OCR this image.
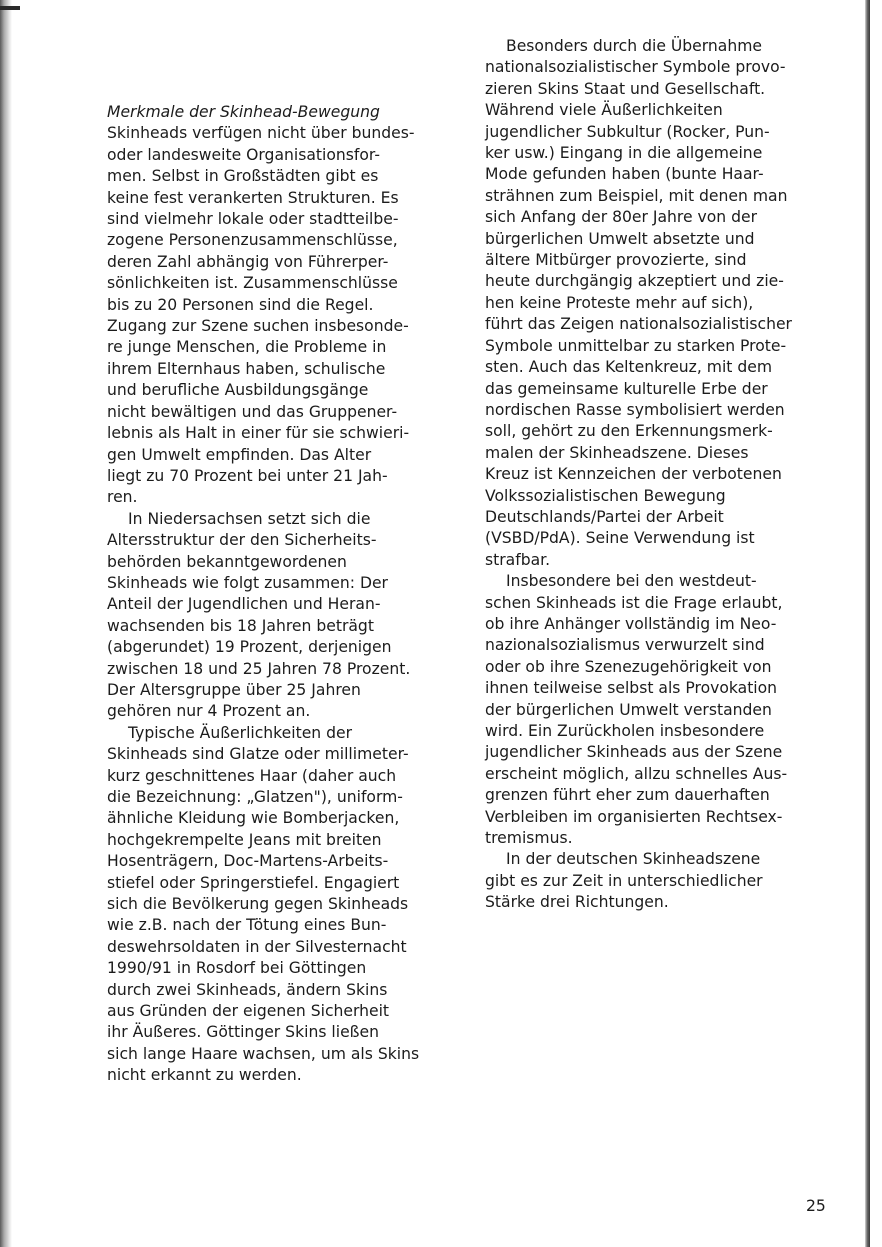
Merkmale der Skinhead-Bewegung
Skinheads verfügen nicht über bundes-
oder landesweite Organisationsfor-
men. Selbst in Großstädten gibt es
keine fest verankerten Strukturen. Es
sind vielmehr lokale oder stadtteilbe-
zogene Personenzusammenschlüsse,
deren Zahl abhängig von Führerper-
sönlichkeiten ist. Zusammenschlüsse
bis zu 20 Personen sind die Regel.
Zugang zur Szene suchen insbesonde-
re junge Menschen, die Probleme in
ihrem Elternhaus haben, schulische
und berufliche Ausbildungsgänge
nicht bewältigen und das Gruppener-
lebnis als Halt in einer für sie schwieri-
gen Umwelt empfinden. Das Alter
liegt zu 70 Prozent bei unter 21 Jah-
ren.
In Niedersachsen setzt sich die
Altersstruktur der den Sicherheits-
behörden bekanntgewordenen
Skinheads wie folgt zusammen: Der
Anteil der Jugendlichen und Heran-
wachsenden bis 18 Jahren beträgt
(abgerundet) 19 Prozent, derjenigen
zwischen 18 und 25 Jahren 78 Prozent.
Der Altersgruppe über 25 Jahren
gehören nur 4 Prozent an.
Typische Äußerlichkeiten der
Skinheads sind Glatze oder millimeter-
kurz geschnittenes Haar (daher auch
die Bezeichnung: „Glatzen"), uniform-
ähnliche Kleidung wie Bomberjacken,
hochgekrempelte Jeans mit breiten
Hosenträgern, Doc-Martens-Arbeits-
stiefel oder Springerstiefel. Engagiert
sich die Bevölkerung gegen Skinheads
wie z.B. nach der Tötung eines Bun-
deswehrsoldaten in der Silvesternacht
1990/91 in Rosdorf bei Göttingen
durch zwei Skinheads, ändern Skins
aus Gründen der eigenen Sicherheit
ihr Äußeres. Göttinger Skins ließen
sich lange Haare wachsen, um als Skins
nicht erkannt zu werden.
Besonders durch die Übernahme
nationalsozialistischer Symbole provo-
zieren Skins Staat und Gesellschaft.
Während viele Äußerlichkeiten
jugendlicher Subkultur (Rocker, Pun-
ker usw.) Eingang in die allgemeine
Mode gefunden haben (bunte Haar-
strähnen zum Beispiel, mit denen man
sich Anfang der 80er Jahre von der
bürgerlichen Umwelt absetzte und
ältere Mitbürger provozierte, sind
heute durchgängig akzeptiert und zie-
hen keine Proteste mehr auf sich),
führt das Zeigen nationalsozialistischer
Symbole unmittelbar zu starken Prote-
sten. Auch das Keltenkreuz, mit dem
das gemeinsame kulturelle Erbe der
nordischen Rasse symbolisiert werden
soll, gehört zu den Erkennungsmerk-
malen der Skinheadszene. Dieses
Kreuz ist Kennzeichen der verbotenen
Volkssozialistischen Bewegung
Deutschlands/Partei der Arbeit
(VSBD/PdA). Seine Verwendung ist
strafbar.
Insbesondere bei den westdeut-
schen Skinheads ist die Frage erlaubt,
ob ihre Anhänger vollständig im Neo-
nazionalsozialismus verwurzelt sind
oder ob ihre Szenezugehörigkeit von
ihnen teilweise selbst als Provokation
der bürgerlichen Umwelt verstanden
wird. Ein Zurückholen insbesondere
jugendlicher Skinheads aus der Szene
erscheint möglich, allzu schnelles Aus-
grenzen führt eher zum dauerhaften
Verbleiben im organisierten Rechtsex-
tremismus.
In der deutschen Skinheadszene
gibt es zur Zeit in unterschiedlicher
Stärke drei Richtungen.
25
